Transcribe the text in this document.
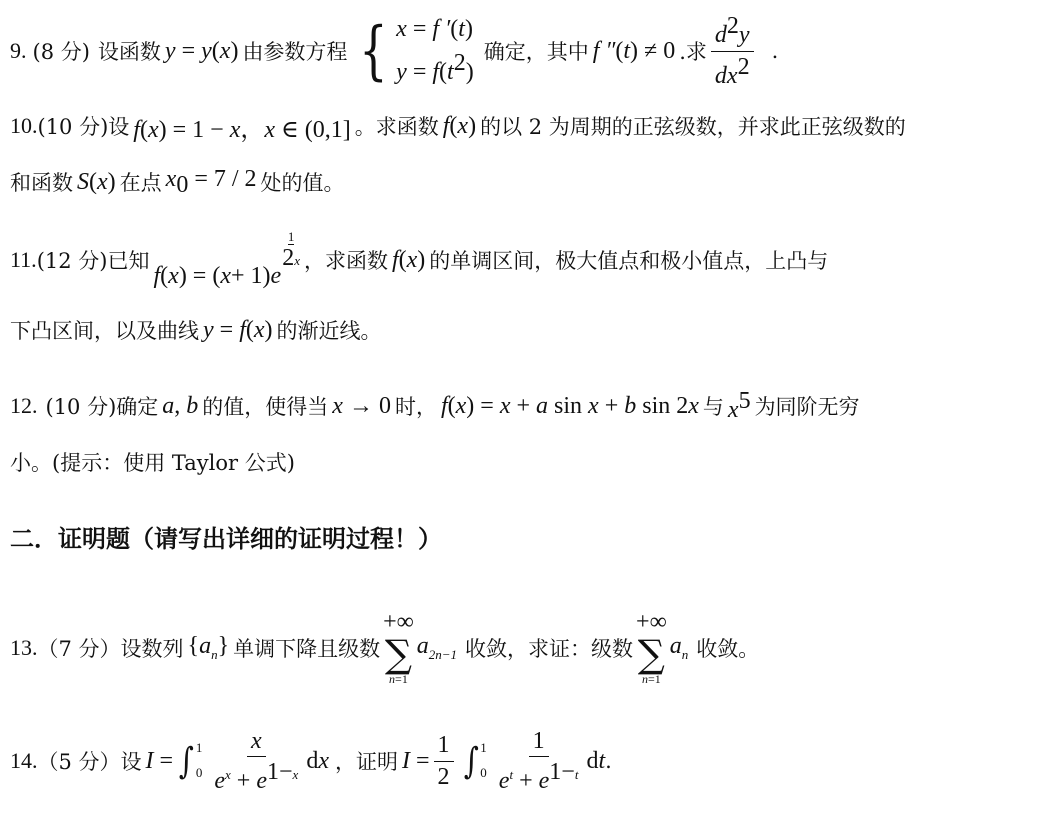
9. (8 分) 设函数 y = y(x) 由参数方程 { x = f ′(t)
$y = f(t^2)$
确定，其中 f ″(t) ≠ 0 .求 $\frac{d^2y}{dx^2}$ .
10. (10 分) 设 f(x) = 1 − x，x ∈ (0,1] 。求函数 f(x) 的以 2 为周期的正弦级数，并求此正弦级数的
和函数 S(x) 在点 $x_0 = 7 / 2$ 处的值。
11. (12 分) 已知
f ( x ) = ( x + 1) e
1
2x ，求函数 f(x) 的单调区间，极大值点和极小值点，上凸与
下凸区间，以及曲线 y = f(x) 的渐近线。
12. (10 分) 确定 a, b 的值，使得当 x → 0 时， f(x) = x + a sin x + b sin 2x 与 $x^5$ 为同阶无穷
小。(提示：使用 Taylor 公式)
二．证明题（请写出详细的证明过程！）
13. （7 分） 设数列 $\{a_n\}$ 单调下降且级数
+∞
∑
n=1
$a_{2n-1}$ 收敛，求证：级数
+∞
∑
n=1
$a_n$ 收敛。
14. （5 分） 设 I = ∫ 1
$0 \frac{x}{e^x + e^{1-x}}$ dx ，证明 $I = \frac{1}{2}$ ∫ 1
$0 \frac{1}{e^t + e^{1-t}}$ dt .
